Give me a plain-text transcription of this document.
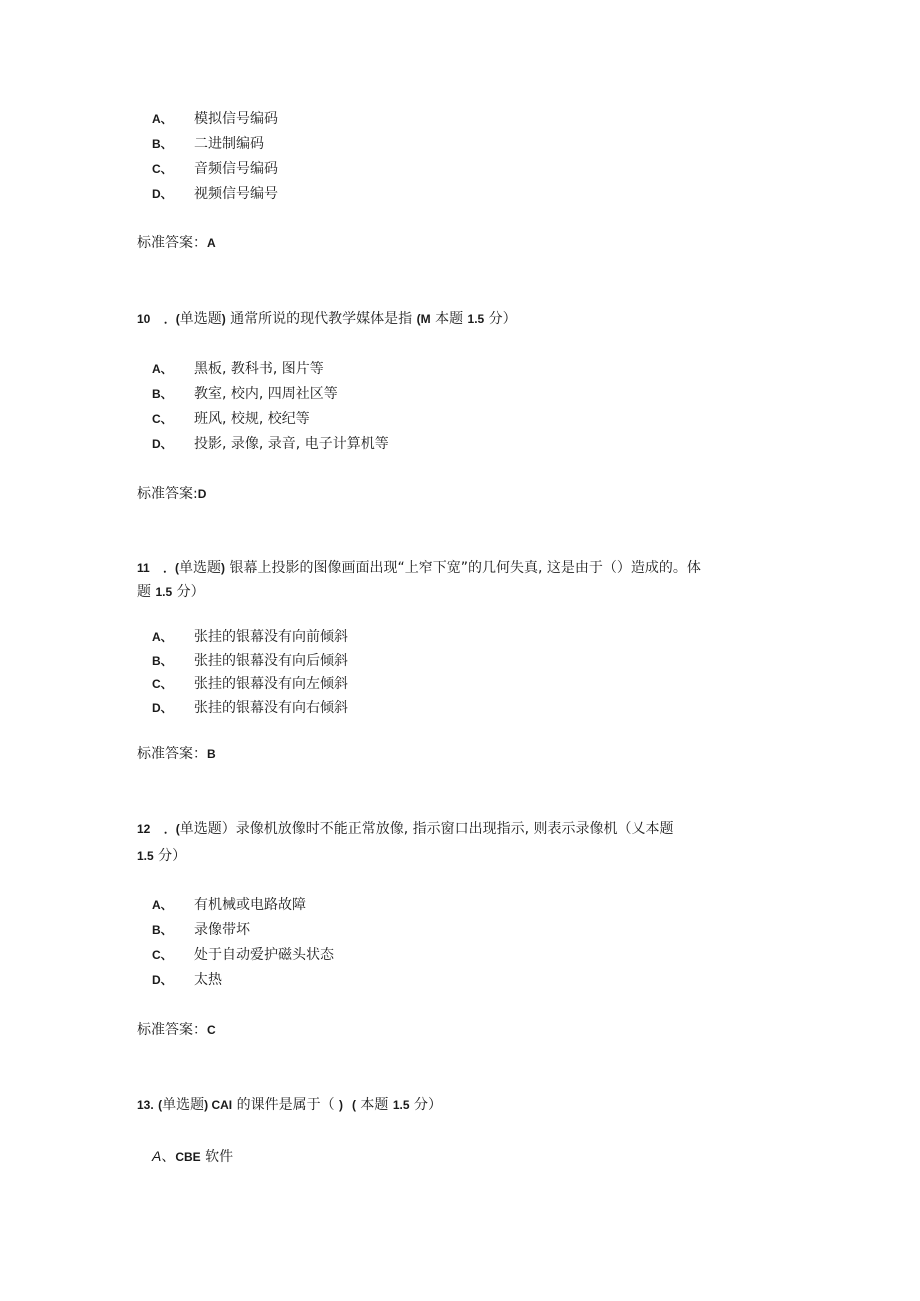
A、 模拟信号编码
B、 二进制编码
C、 音频信号编码
D、 视频信号编号
标准答案：A
10 ．(单选题) 通常所说的现代教学媒体是指 (M 本题 1.5 分）
A、 黑板, 教科书, 图片等
B、 教室, 校内, 四周社区等
C、 班风, 校规, 校纪等
D、 投影, 录像, 录音, 电子计算机等
标准答案:D
11 ．(单选题) 银幕上投影的图像画面出现“上窄下宽”的几何失真, 这是由于（）造成的。体
题 1.5 分）
A、 张挂的银幕没有向前倾斜
B、 张挂的银幕没有向后倾斜
C、 张挂的银幕没有向左倾斜
D、 张挂的银幕没有向右倾斜
标准答案：B
12 ．(单选题）录像机放像时不能正常放像, 指示窗口出现指示, 则表示录像机（乂本题
1.5 分）
A、 有机械或电路故障
B、 录像带坏
C、 处于自动爱护磁头状态
D、 太热
标准答案：C
13. (单选题) CAI 的课件是属于（ ) ( 本题 1.5 分）
A、CBE 软件
